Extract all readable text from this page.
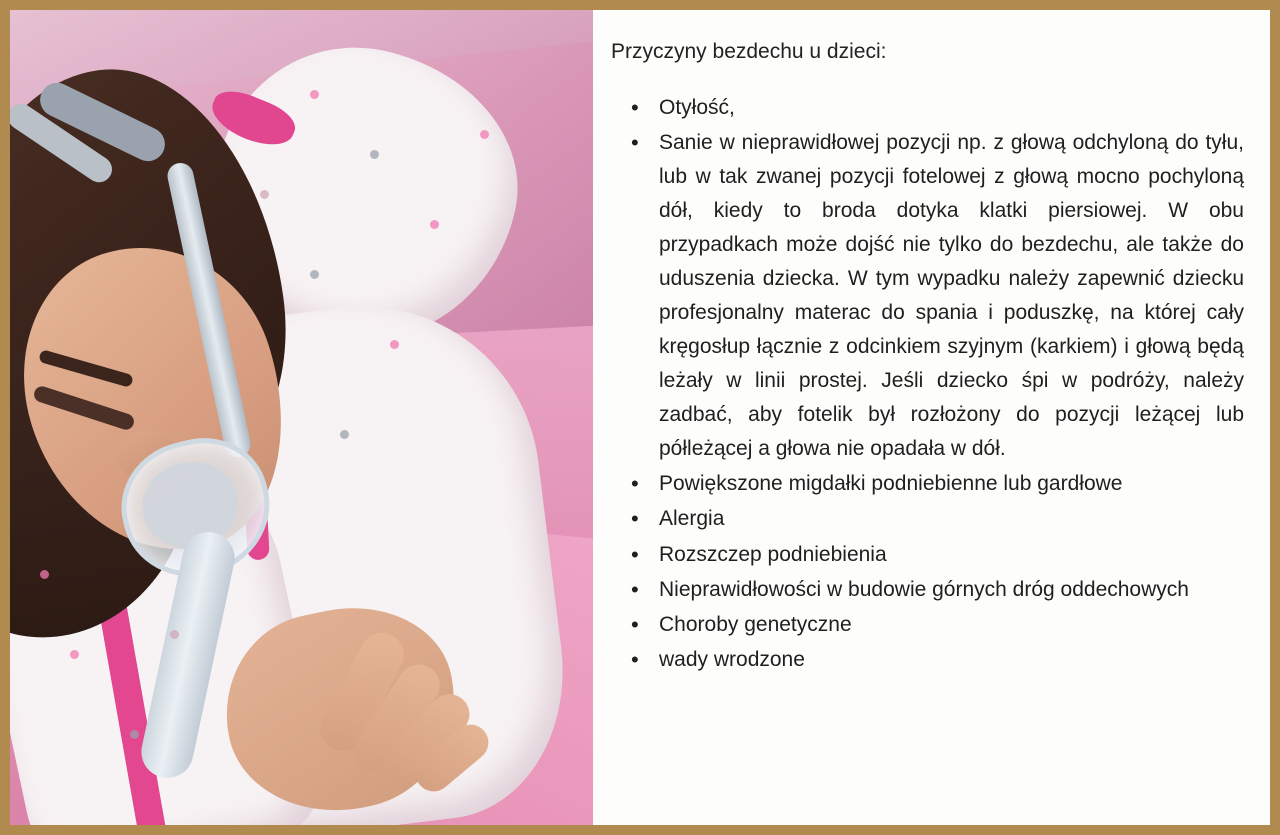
Przyczyny bezdechu u dzieci:

• Otyłość,
• Sanie w nieprawidłowej pozycji np. z głową odchyloną do tyłu, lub w tak zwanej pozycji fotelowej z głową mocno pochyloną dół, kiedy to broda dotyka klatki piersiowej. W obu przypadkach może dojść nie tylko do bezdechu, ale także do uduszenia dziecka. W tym wypadku należy zapewnić dziecku profesjonalny materac do spania i poduszkę, na której cały kręgosłup łącznie z odcinkiem szyjnym (karkiem) i głową będą leżały w linii prostej. Jeśli dziecko śpi w podróży, należy zadbać, aby fotelik był rozłożony do pozycji leżącej lub półleżącej a głowa nie opadała w dół.
• Powiększone migdałki podniebienne lub gardłowe
• Alergia
• Rozszczep podniebienia
• Nieprawidłowości w budowie górnych dróg oddechowych
• Choroby genetyczne
• wady wrodzone
